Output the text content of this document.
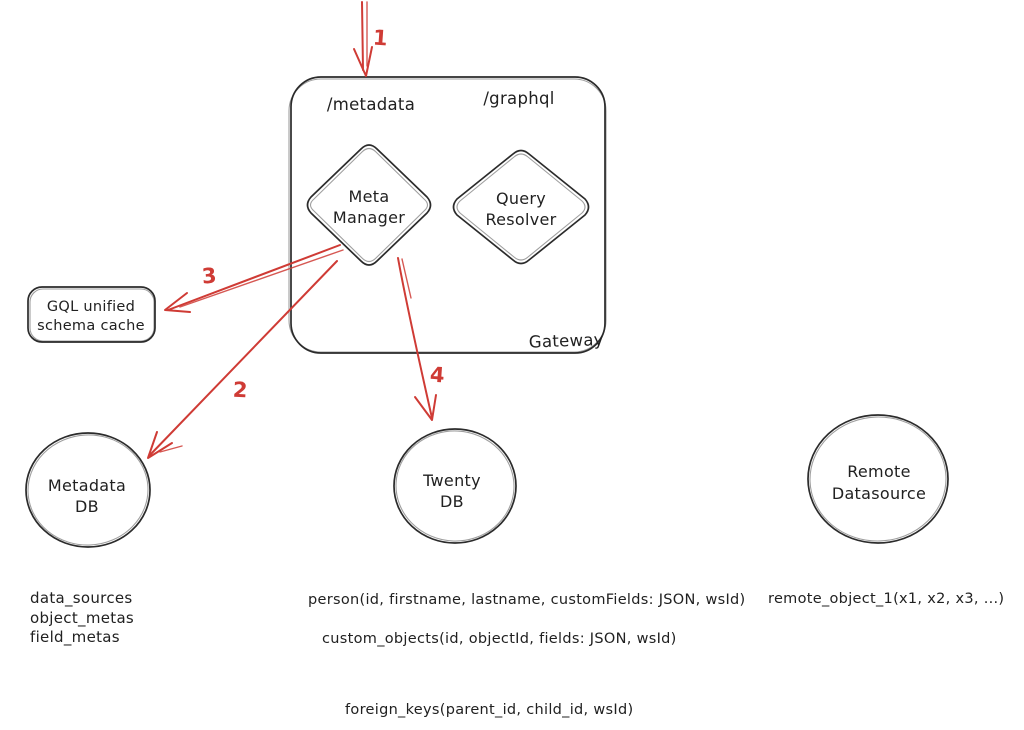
/metadata	/graphql
Gateway
Meta
Manager
Query
Resolver
GQL unified
schema cache
Metadata
DB
Twenty
DB
Remote
Datasource
1
3
2
4
data_sources
object_metas
field_metas
person(id, firstname, lastname, customFields: JSON, wsId)
custom_objects(id, objectId, fields: JSON, wsId)
foreign_keys(parent_id, child_id, wsId)
remote_object_1(x1, x2, x3, ...)
